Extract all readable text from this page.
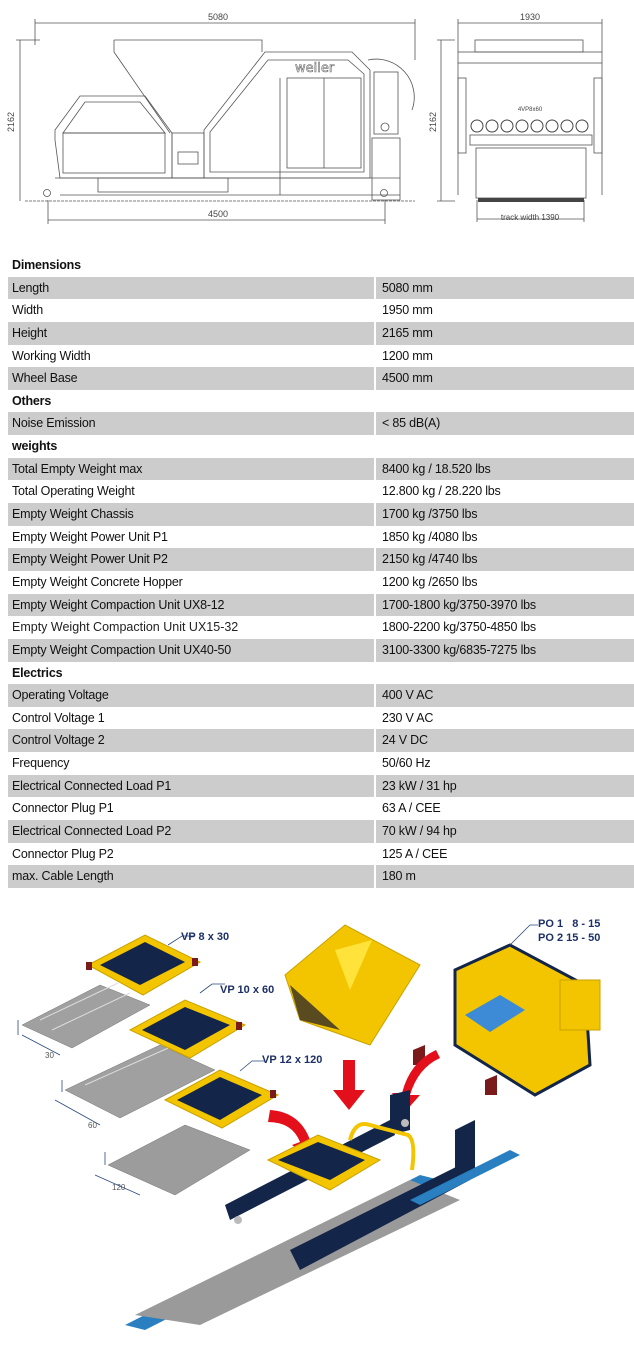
weiler
5080
2162
4500
1930
2162
4VP8x60
track width 1390
Dimensions
Length	5080 mm
Width	1950 mm
Height	2165 mm
Working Width	1200 mm
Wheel Base	4500 mm
Others
Noise Emission	< 85 dB(A)
weights
Total Empty Weight max	8400 kg / 18.520 lbs
Total Operating Weight	12.800 kg / 28.220 lbs
Empty Weight Chassis	1700 kg /3750 lbs
Empty Weight Power Unit P1	1850 kg /4080 lbs
Empty Weight Power Unit P2	2150 kg /4740 lbs
Empty Weight Concrete Hopper	1200 kg /2650 lbs
Empty Weight Compaction Unit UX8-12	1700-1800 kg/3750-3970 lbs
Empty Weight Compaction Unit UX15-32	1800-2200 kg/3750-4850 lbs
Empty Weight Compaction Unit UX40-50	3100-3300 kg/6835-7275 lbs
Electrics
Operating Voltage	400 V AC
Control Voltage 1	230 V AC
Control Voltage 2	24 V DC
Frequency	50/60 Hz
Electrical Connected Load P1	23 kW / 31 hp
Connector Plug P1	63 A / CEE
Electrical Connected Load P2	70 kW / 94 hp
Connector Plug P2	125 A / CEE
max. Cable Length	180 m
30
60
120
VP 8 x 30
VP 10 x 60
VP 12 x 120
PO 1   8 - 15
PO 2 15 - 50
